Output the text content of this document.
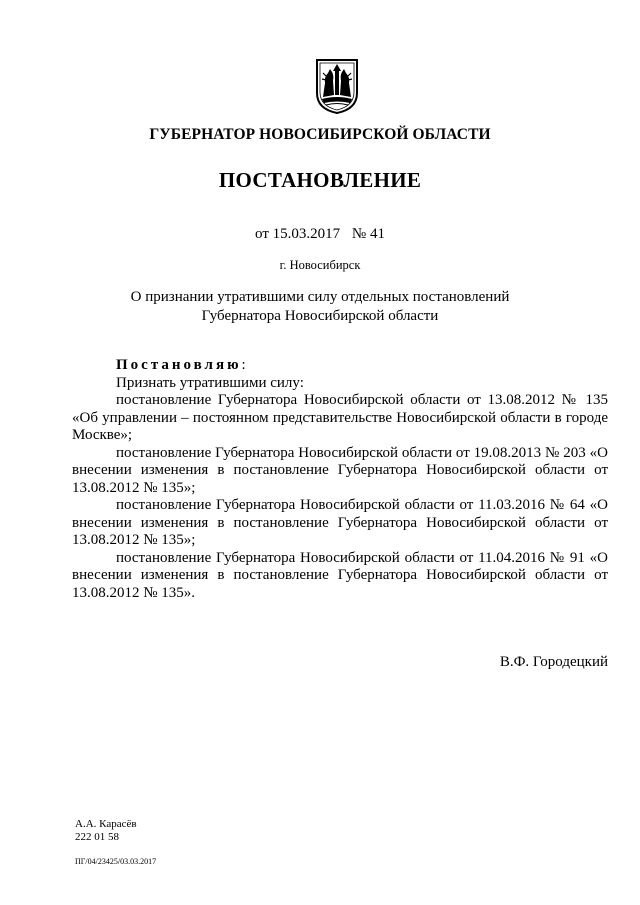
ГУБЕРНАТОР НОВОСИБИРСКОЙ ОБЛАСТИ
ПОСТАНОВЛЕНИЕ
от 15.03.2017 № 41
г. Новосибирск
О признании утратившими силу отдельных постановлений
Губернатора Новосибирской области

Постановляю:

Признать утратившими силу:

постановление Губернатора Новосибирской области от 13.08.2012 № 135 «Об управлении – постоянном представительстве Новосибирской области в городе Москве»;

постановление Губернатора Новосибирской области от 19.08.2013 № 203 «О внесении изменения в постановление Губернатора Новосибирской области от 13.08.2012 № 135»;

постановление Губернатора Новосибирской области от 11.03.2016 № 64 «О внесении изменения в постановление Губернатора Новосибирской области от 13.08.2012 № 135»;

постановление Губернатора Новосибирской области от 11.04.2016 № 91 «О внесении изменения в постановление Губернатора Новосибирской области от 13.08.2012 № 135».

В.Ф. Городецкий
А.А. Карасёв
222 01 58
ПГ/04/23425/03.03.2017
